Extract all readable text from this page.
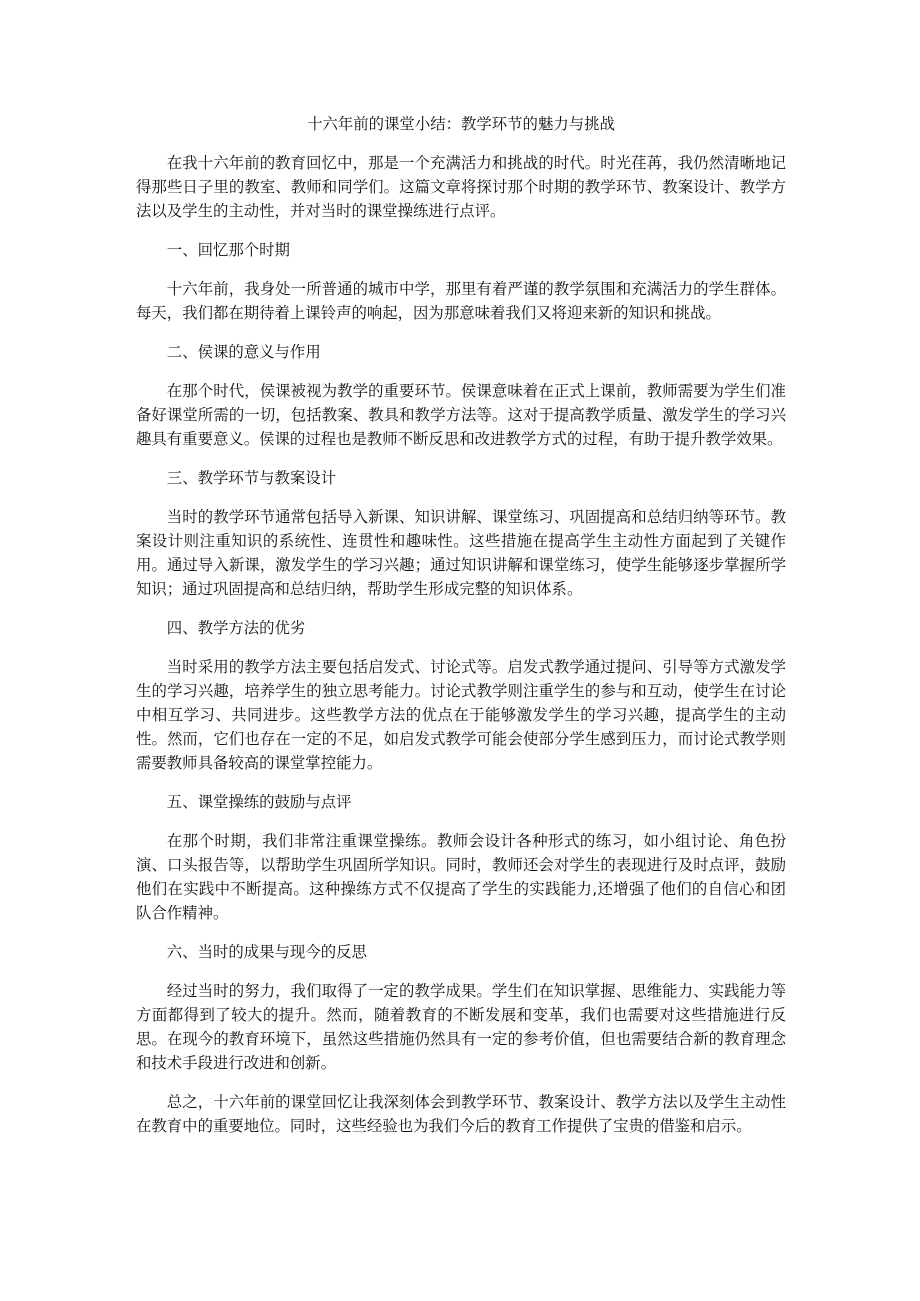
十六年前的课堂小结：教学环节的魅力与挑战

在我十六年前的教育回忆中，那是一个充满活力和挑战的时代。时光荏苒，我仍然清晰地记得那些日子里的教室、教师和同学们。这篇文章将探讨那个时期的教学环节、教案设计、教学方法以及学生的主动性，并对当时的课堂操练进行点评。

一、回忆那个时期

十六年前，我身处一所普通的城市中学，那里有着严谨的教学氛围和充满活力的学生群体。每天，我们都在期待着上课铃声的响起，因为那意味着我们又将迎来新的知识和挑战。

二、侯课的意义与作用

在那个时代，侯课被视为教学的重要环节。侯课意味着在正式上课前，教师需要为学生们准备好课堂所需的一切，包括教案、教具和教学方法等。这对于提高教学质量、激发学生的学习兴趣具有重要意义。侯课的过程也是教师不断反思和改进教学方式的过程，有助于提升教学效果。

三、教学环节与教案设计

当时的教学环节通常包括导入新课、知识讲解、课堂练习、巩固提高和总结归纳等环节。教案设计则注重知识的系统性、连贯性和趣味性。这些措施在提高学生主动性方面起到了关键作用。通过导入新课，激发学生的学习兴趣；通过知识讲解和课堂练习，使学生能够逐步掌握所学知识；通过巩固提高和总结归纳，帮助学生形成完整的知识体系。

四、教学方法的优劣

当时采用的教学方法主要包括启发式、讨论式等。启发式教学通过提问、引导等方式激发学生的学习兴趣，培养学生的独立思考能力。讨论式教学则注重学生的参与和互动，使学生在讨论中相互学习、共同进步。这些教学方法的优点在于能够激发学生的学习兴趣，提高学生的主动性。然而，它们也存在一定的不足，如启发式教学可能会使部分学生感到压力，而讨论式教学则需要教师具备较高的课堂掌控能力。

五、课堂操练的鼓励与点评

在那个时期，我们非常注重课堂操练。教师会设计各种形式的练习，如小组讨论、角色扮演、口头报告等，以帮助学生巩固所学知识。同时，教师还会对学生的表现进行及时点评，鼓励他们在实践中不断提高。这种操练方式不仅提高了学生的实践能力,还增强了他们的自信心和团队合作精神。

六、当时的成果与现今的反思

经过当时的努力，我们取得了一定的教学成果。学生们在知识掌握、思维能力、实践能力等方面都得到了较大的提升。然而，随着教育的不断发展和变革，我们也需要对这些措施进行反思。在现今的教育环境下，虽然这些措施仍然具有一定的参考价值，但也需要结合新的教育理念和技术手段进行改进和创新。

总之，十六年前的课堂回忆让我深刻体会到教学环节、教案设计、教学方法以及学生主动性在教育中的重要地位。同时，这些经验也为我们今后的教育工作提供了宝贵的借鉴和启示。
